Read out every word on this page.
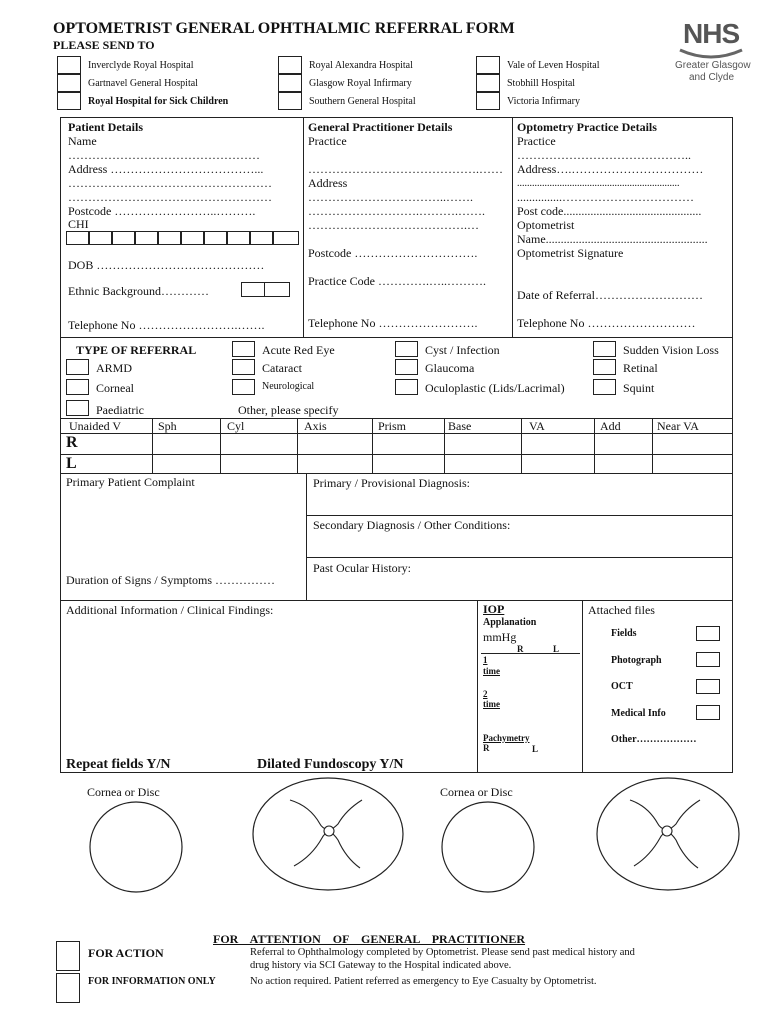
OPTOMETRIST GENERAL OPHTHALMIC REFERRAL FORM
PLEASE SEND TO	NHS
Greater Glasgow
and Clyde
Inverclyde Royal Hospital
Gartnavel General Hospital
Royal Hospital for Sick Children
Royal Alexandra Hospital
Glasgow Royal Infirmary
Southern General Hospital
Vale of Leven Hospital
Stobhill Hospital
Victoria Infirmary
Patient Details
Name
…………………………………………
Address ………………………………...
……………………………………………
……………………………………………
Postcode ……………………..……….
CHI
DOB ……………………………………
Ethnic Background…………
Telephone No …………………….…….
General Practitioner Details
Practice
…………………………………….……
Address
……………………………..…….
……………………….……….…….
………………………………….…
Postcode ………………………….
Practice Code ………….…..……….
Telephone No …………………….
Optometry Practice Details
Practice
……………………………………..
Address….……………………………
.................................................................
...............……………………………
Post code..............................................
Optometrist
Name......................................................
Optometrist Signature
Date of Referral………………………
Telephone No ………………………
TYPE OF REFERRAL
ARMD
Corneal
Paediatric
Acute Red Eye
Cataract
Neurological
Cyst / Infection
Glaucoma
Oculoplastic (Lids/Lacrimal)
Sudden Vision Loss
Retinal
Squint
Other, please specify
Unaided V	Sph	Cyl	Axis	Prism	Base	VA	Add	Near VA
R
L
Primary Patient Complaint
Duration of Signs / Symptoms ……………
Primary / Provisional Diagnosis:
Secondary Diagnosis / Other Conditions:
Past Ocular History:
Additional Information / Clinical Findings:
Repeat fields Y/N	Dilated Fundoscopy Y/N
IOP
Applanation
mmHg
R	L
1
time
2
time
Pachymetry
R	L
Attached files
Fields
Photograph
OCT
Medical Info
Other………………
Cornea or Disc	Cornea or Disc
FOR    ATTENTION    OF    GENERAL    PRACTITIONER
FOR ACTION
FOR INFORMATION ONLY
Referral to Ophthalmology completed by Optometrist. Please send past medical history and
drug history via SCI Gateway to the Hospital indicated above.
No action required. Patient referred as emergency to Eye Casualty by Optometrist.
